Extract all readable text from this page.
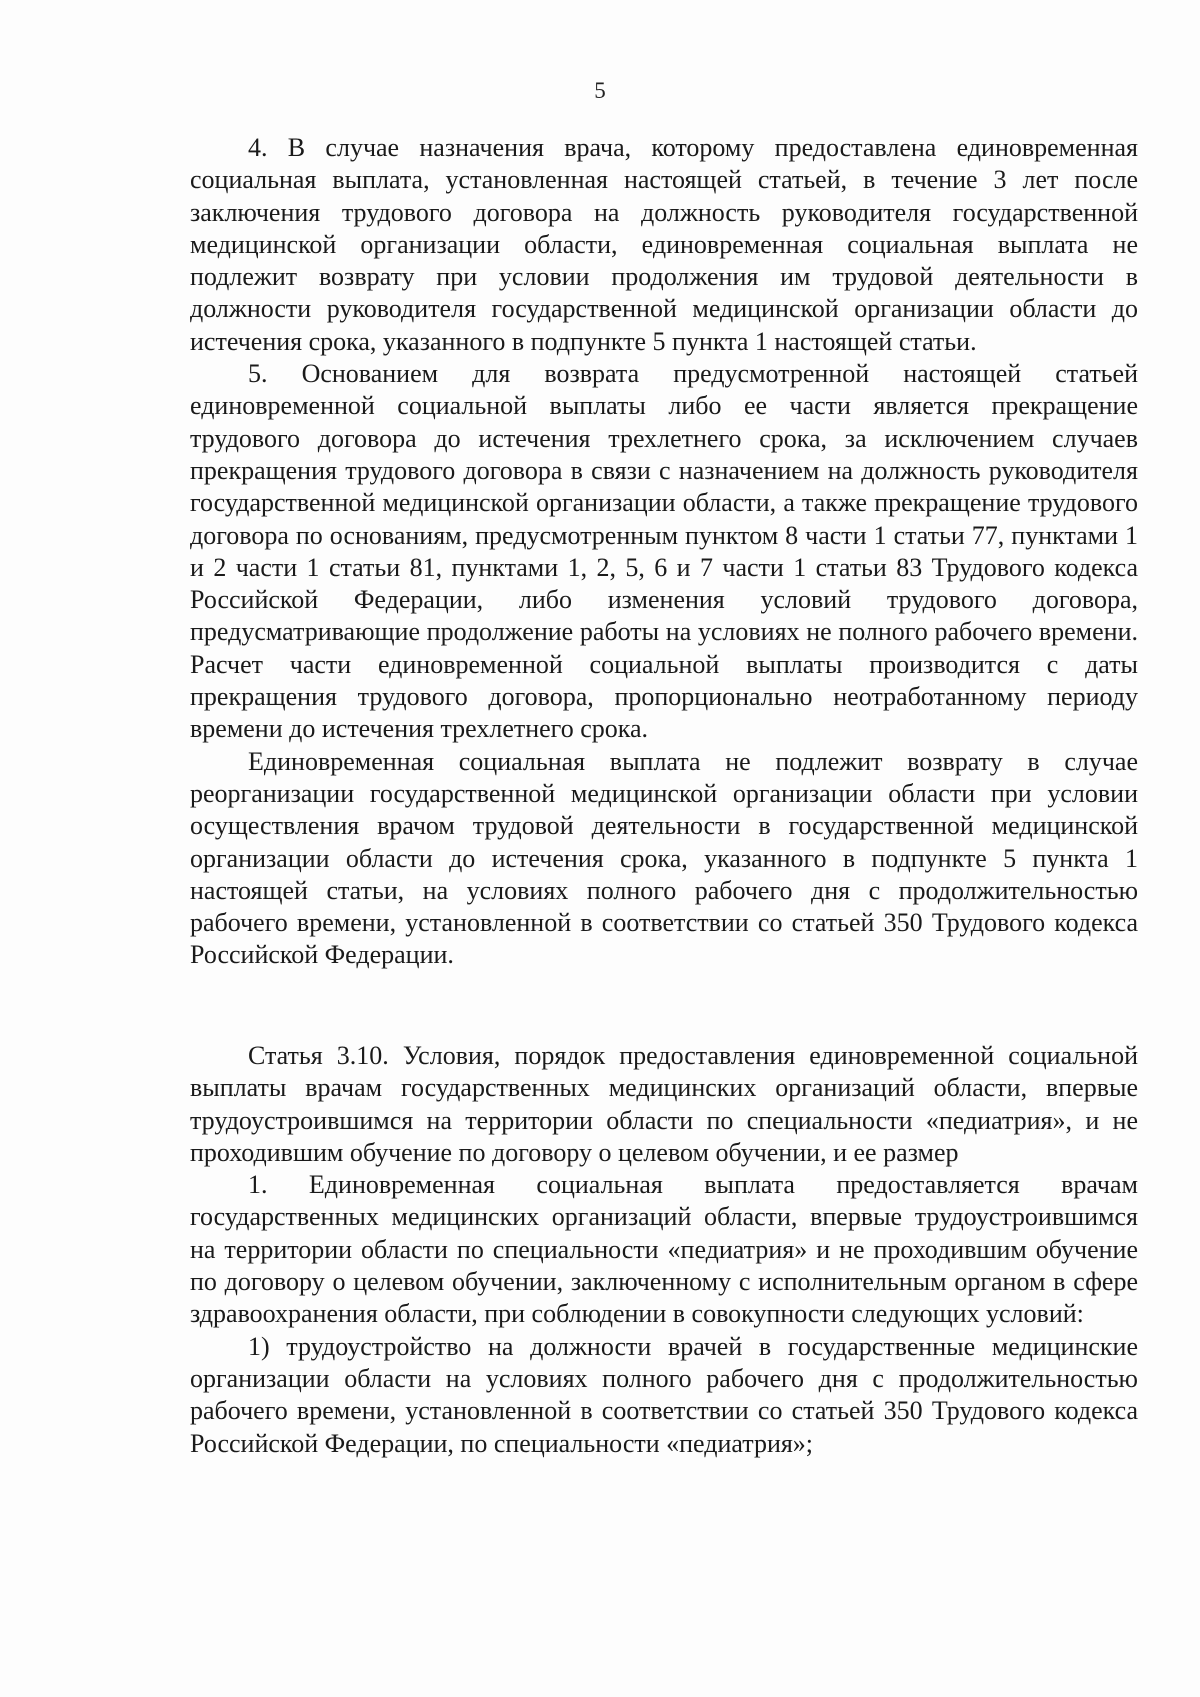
5

4. В случае назначения врача, которому предоставлена единовременная социальная выплата, установленная настоящей статьей, в течение 3 лет после заключения трудового договора на должность руководителя государственной медицинской организации области, единовременная социальная выплата не подлежит возврату при условии продолжения им трудовой деятельности в должности руководителя государственной медицинской организации области до истечения срока, указанного в подпункте 5 пункта 1 настоящей статьи.

5. Основанием для возврата предусмотренной настоящей статьей единовременной социальной выплаты либо ее части является прекращение трудового договора до истечения трехлетнего срока, за исключением случаев прекращения трудового договора в связи с назначением на должность руководителя государственной медицинской организации области, а также прекращение трудового договора по основаниям, предусмотренным пунктом 8 части 1 статьи 77, пунктами 1 и 2 части 1 статьи 81, пунктами 1, 2, 5, 6 и 7 части 1 статьи 83 Трудового кодекса Российской Федерации, либо изменения условий трудового договора, предусматривающие продолжение работы на условиях не полного рабочего времени. Расчет части единовременной социальной выплаты производится с даты прекращения трудового договора, пропорционально неотработанному периоду времени до истечения трехлетнего срока.

Единовременная социальная выплата не подлежит возврату в случае реорганизации государственной медицинской организации области при условии осуществления врачом трудовой деятельности в государственной медицинской организации области до истечения срока, указанного в подпункте 5 пункта 1 настоящей статьи, на условиях полного рабочего дня с продолжительностью рабочего времени, установленной в соответствии со статьей 350 Трудового кодекса Российской Федерации.

Статья 3.10. Условия, порядок предоставления единовременной социальной выплаты врачам государственных медицинских организаций области, впервые трудоустроившимся на территории области по специальности «педиатрия», и не проходившим обучение по договору о целевом обучении, и ее размер

1. Единовременная социальная выплата предоставляется врачам государственных медицинских организаций области, впервые трудоустроившимся на территории области по специальности «педиатрия» и не проходившим обучение по договору о целевом обучении, заключенному с исполнительным органом в сфере здравоохранения области, при соблюдении в совокупности следующих условий:

1) трудоустройство на должности врачей в государственные медицинские организации области на условиях полного рабочего дня с продолжительностью рабочего времени, установленной в соответствии со статьей 350 Трудового кодекса Российской Федерации, по специальности «педиатрия»;
